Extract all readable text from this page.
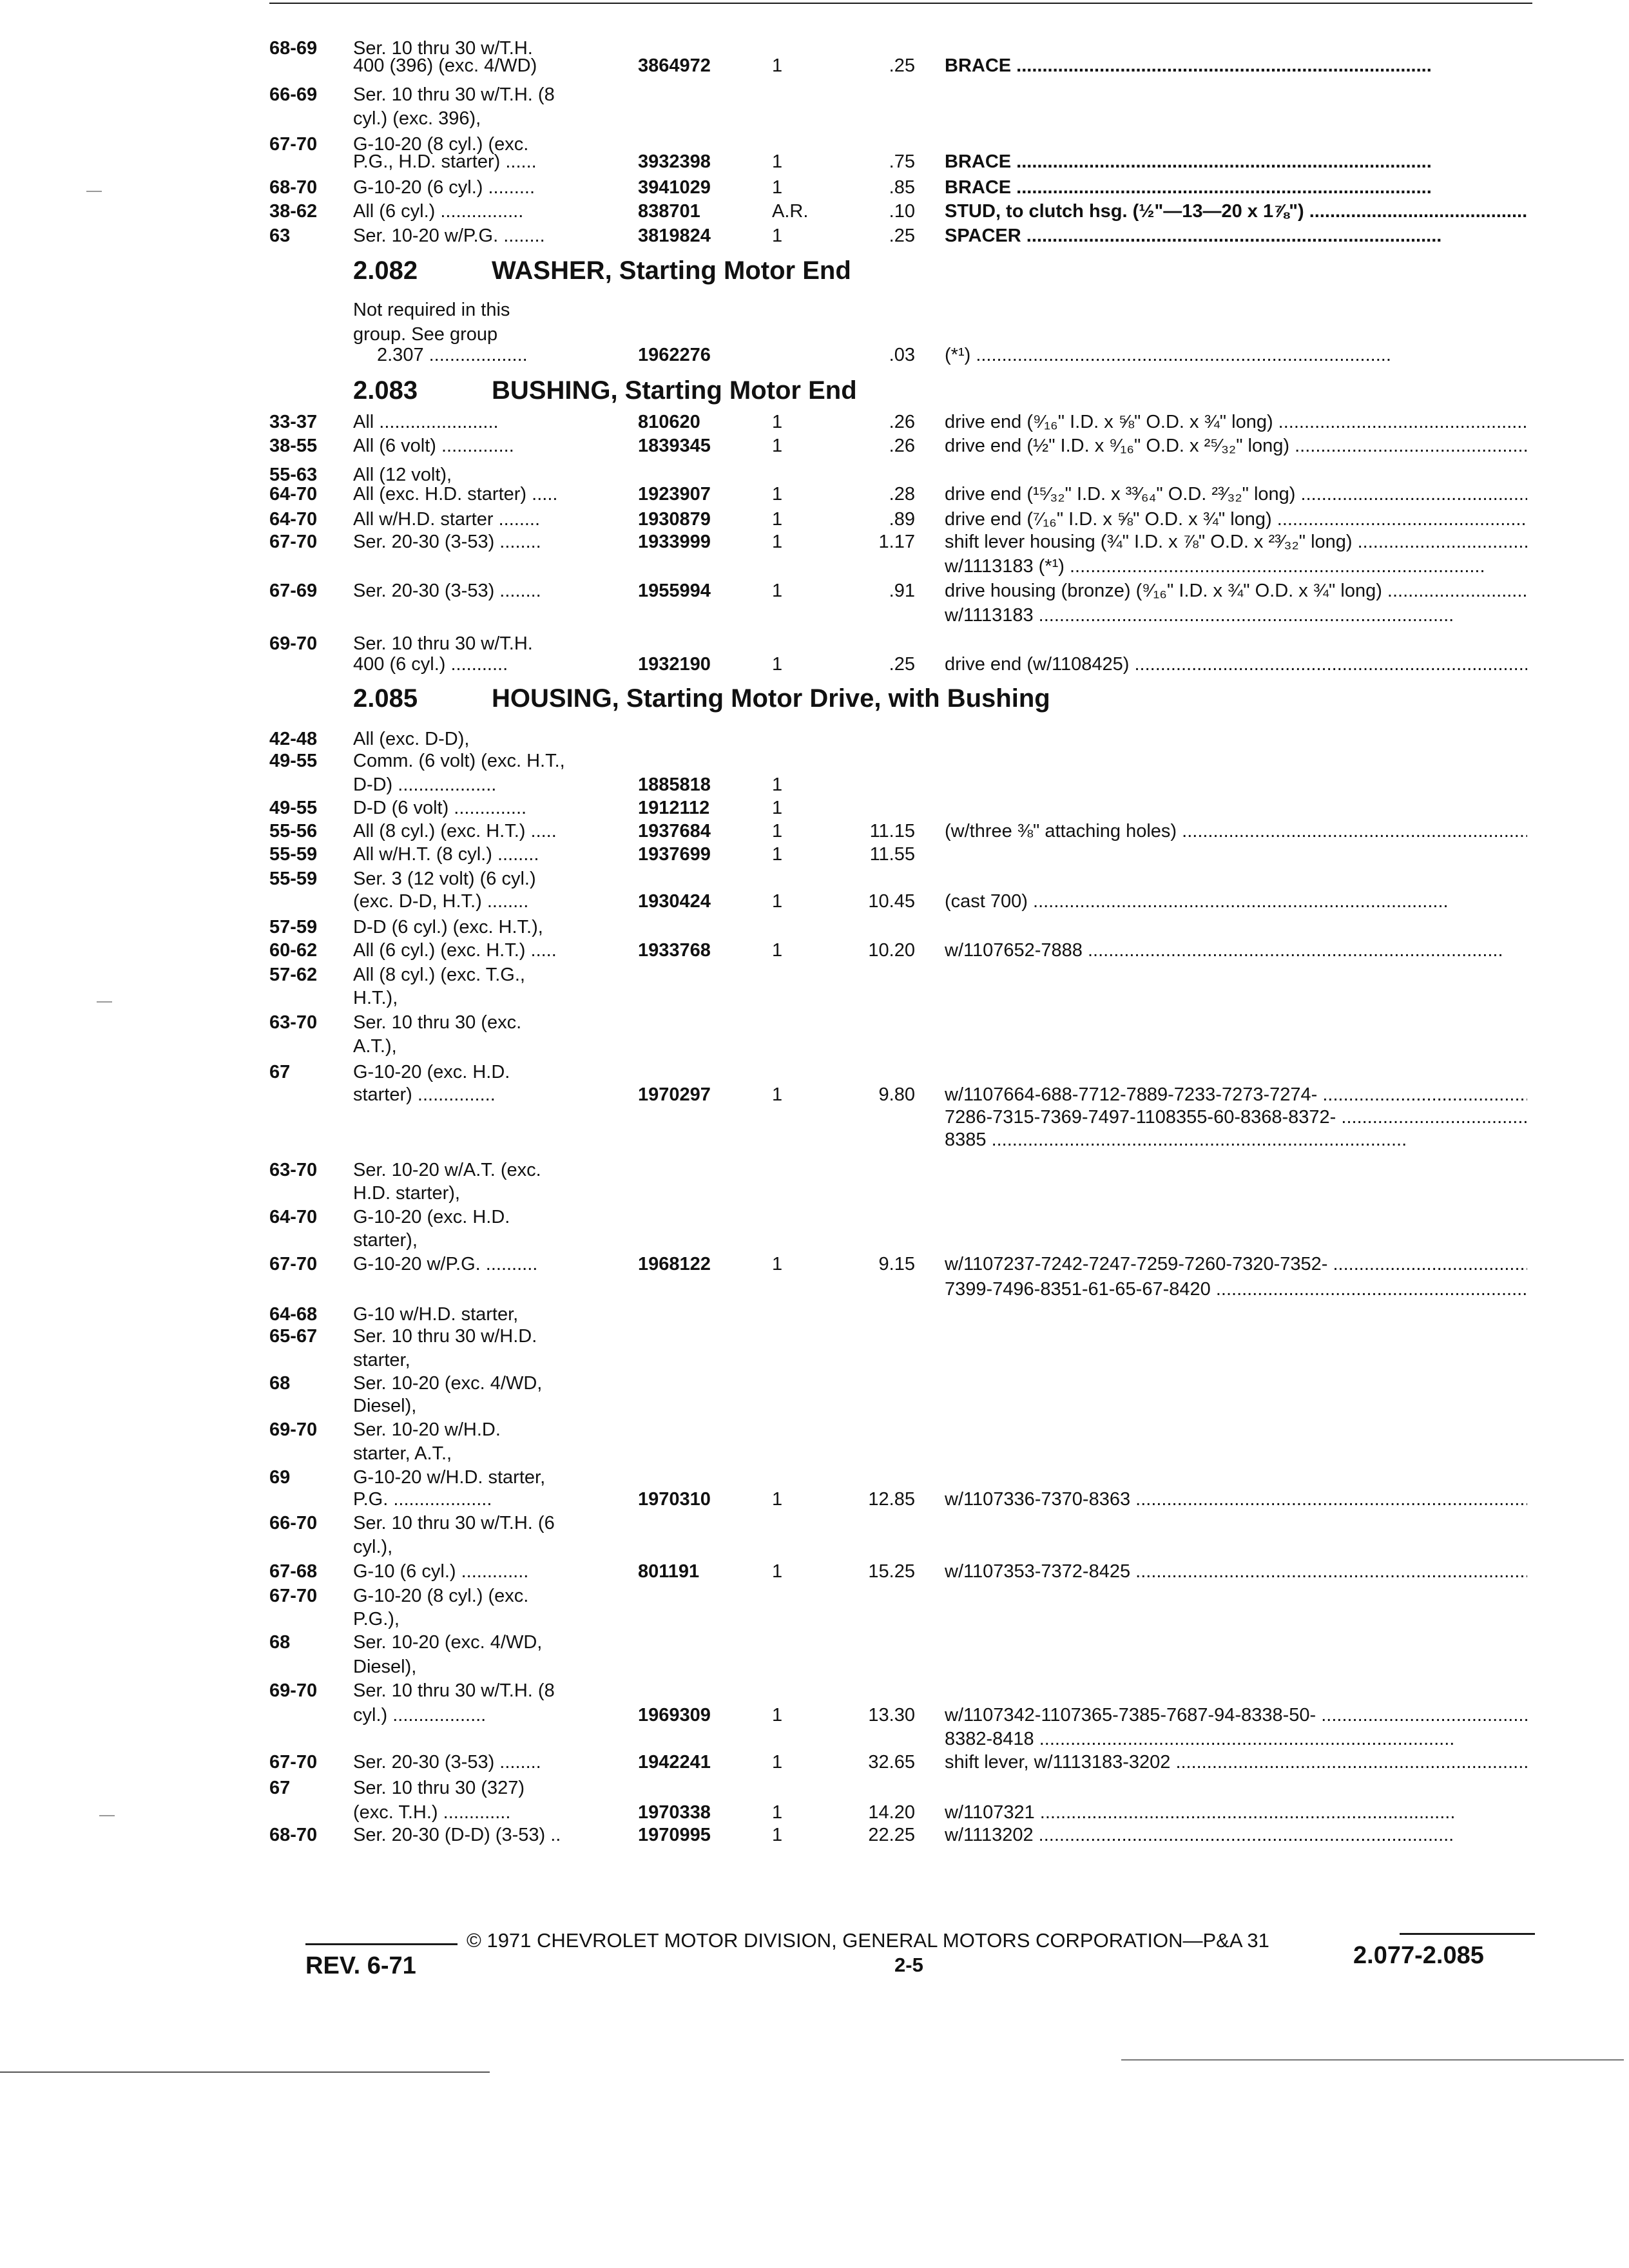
68-69 Ser. 10 thru 30 w/T.H.
400 (396) (exc. 4/WD)	3864972	1	.25 BRACE .....
66-69 Ser. 10 thru 30 w/T.H. (8
cyl.) (exc. 396),
67-70 G-10-20 (8 cyl.) (exc.
P.G., H.D. starter) ......	3932398	1	.75 BRACE .....
68-70 G-10-20 (6 cyl.) .........	3941029	1	.85 BRACE .....
38-62 All (6 cyl.) ................	838701	A.R.	.10 STUD, to clutch hsg. (½"—13—20 x 1⅞") .....
63	Ser. 10-20 w/P.G. ........	3819824	1	.25 SPACER .....
2.082	WASHER, Starting Motor End
Not required in this
group. See group
2.307 ...................	1962276	.03 (*¹) .....
2.083	BUSHING, Starting Motor End
33-37 All .......................	810620	1	.26 drive end (⁹⁄₁₆" I.D. x ⅝" O.D. x ¾" long) .....
38-55 All (6 volt) ..............	1839345	1	.26 drive end (½" I.D. x ⁹⁄₁₆" O.D. x ²⁵⁄₃₂" long) .....
55-63 All (12 volt),
64-70 All (exc. H.D. starter) .....	1923907	1	.28 drive end (¹⁵⁄₃₂" I.D. x ³³⁄₆₄" O.D. ²³⁄₃₂" long) .....
64-70 All w/H.D. starter ........	1930879	1	.89 drive end (⁷⁄₁₆" I.D. x ⅝" O.D. x ¾" long) .....
67-70 Ser. 20-30 (3-53) ........	1933999	1	1.17 shift lever housing (¾" I.D. x ⅞" O.D. x ²³⁄₃₂" long) .....
w/1113183 (*¹) .....
67-69 Ser. 20-30 (3-53) ........	1955994	1	.91 drive housing (bronze) (⁹⁄₁₆" I.D. x ¾" O.D. x ¾" long) .....
w/1113183 .....
69-70 Ser. 10 thru 30 w/T.H.
400 (6 cyl.) ...........	1932190	1	.25 drive end (w/1108425) .....
2.085	HOUSING, Starting Motor Drive, with Bushing
42-48 All (exc. D-D),
49-55 Comm. (6 volt) (exc. H.T.,
D-D) ...................	1885818	1
49-55 D-D (6 volt) ..............	1912112	1
55-56 All (8 cyl.) (exc. H.T.) .....	1937684	1	11.15 (w/three ⅜" attaching holes) .....
55-59 All w/H.T. (8 cyl.) ........	1937699	1	11.55
55-59 Ser. 3 (12 volt) (6 cyl.)
(exc. D-D, H.T.) ........	1930424	1	10.45 (cast 700) .....
57-59 D-D (6 cyl.) (exc. H.T.),
60-62 All (6 cyl.) (exc. H.T.) .....	1933768	1	10.20 w/1107652-7888 .....
57-62 All (8 cyl.) (exc. T.G.,
H.T.),
63-70 Ser. 10 thru 30 (exc.
A.T.),
67	G-10-20 (exc. H.D.
starter) ...............	1970297	1	9.80 w/1107664-688-7712-7889-7233-7273-7274- .....
7286-7315-7369-7497-1108355-60-8368-8372- .....
8385 .....
63-70 Ser. 10-20 w/A.T. (exc.
H.D. starter),
64-70 G-10-20 (exc. H.D.
starter),
67-70 G-10-20 w/P.G. ..........	1968122	1	9.15 w/1107237-7242-7247-7259-7260-7320-7352- .....
7399-7496-8351-61-65-67-8420 .....
64-68 G-10 w/H.D. starter,
65-67 Ser. 10 thru 30 w/H.D.
starter,
68	Ser. 10-20 (exc. 4/WD,
Diesel),
69-70 Ser. 10-20 w/H.D.
starter, A.T.,
69	G-10-20 w/H.D. starter,
P.G. ...................	1970310	1	12.85 w/1107336-7370-8363 .....
66-70 Ser. 10 thru 30 w/T.H. (6
cyl.),
67-68 G-10 (6 cyl.) .............	801191	1	15.25 w/1107353-7372-8425 .....
67-70 G-10-20 (8 cyl.) (exc.
P.G.),
68	Ser. 10-20 (exc. 4/WD,
Diesel),
69-70 Ser. 10 thru 30 w/T.H. (8
cyl.) ..................	1969309	1	13.30 w/1107342-1107365-7385-7687-94-8338-50- .....
8382-8418 .....
67-70 Ser. 20-30 (3-53) ........	1942241	1	32.65 shift lever, w/1113183-3202 .....
67	Ser. 10 thru 30 (327)
(exc. T.H.) .............	1970338	1	14.20 w/1107321 .....
68-70 Ser. 20-30 (D-D) (3-53) ..	1970995	1	22.25 w/1113202 .....
© 1971 CHEVROLET MOTOR DIVISION, GENERAL MOTORS CORPORATION—P&A 31
REV. 6-71	2-5	2.077-2.085
